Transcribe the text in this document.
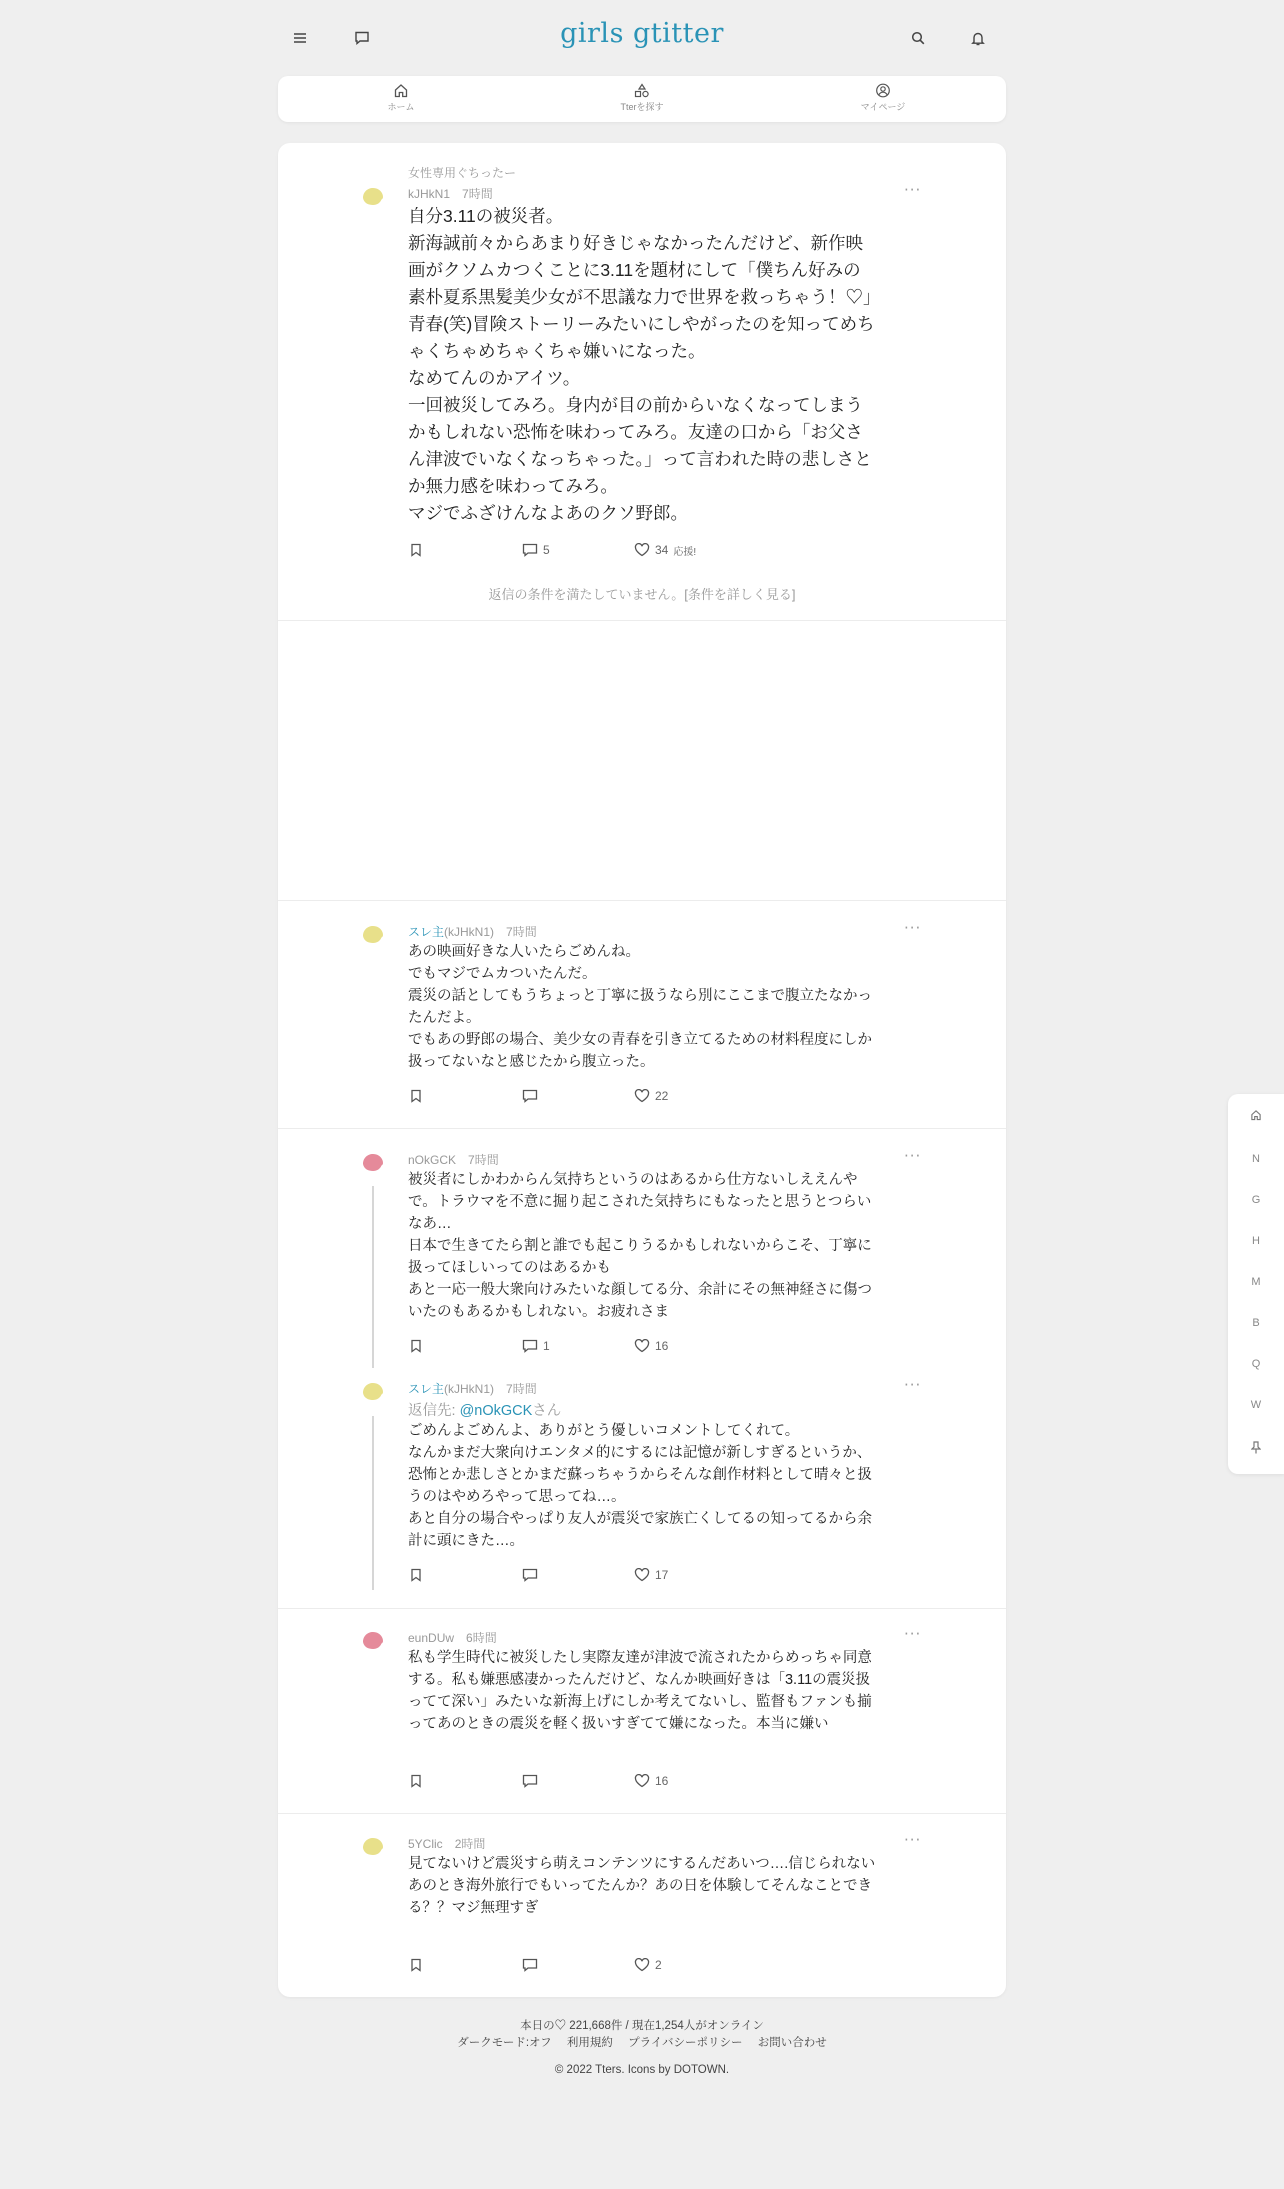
girls gtitter
ホーム	Tterを探す	マイページ
女性専用ぐちったー
kJHkN1 7時間	···
自分3.11の被災者。
新海誠前々からあまり好きじゃなかったんだけど、新作映画がクソムカつくことに3.11を題材にして「僕ちん好みの素朴夏系黒髪美少女が不思議な力で世界を救っちゃう！♡」青春(笑)冒険ストーリーみたいにしやがったのを知ってめちゃくちゃめちゃくちゃ嫌いになった。
なめてんのかアイツ。
一回被災してみろ。身内が目の前からいなくなってしまうかもしれない恐怖を味わってみろ。友達の口から「お父さん津波でいなくなっちゃった。」って言われた時の悲しさとか無力感を味わってみろ。
マジでふざけんなよあのクソ野郎。
5	34 応援!
返信の条件を満たしていません。[条件を詳しく見る]
スレ主(kJHkN1) 7時間	···
あの映画好きな人いたらごめんね。
でもマジでムカついたんだ。
震災の話としてもうちょっと丁寧に扱うなら別にここまで腹立たなかったんだよ。
でもあの野郎の場合、美少女の青春を引き立てるための材料程度にしか扱ってないなと感じたから腹立った。
22
nOkGCK 7時間	···
被災者にしかわからん気持ちというのはあるから仕方ないしええんやで。トラウマを不意に掘り起こされた気持ちにもなったと思うとつらいなあ…
日本で生きてたら割と誰でも起こりうるかもしれないからこそ、丁寧に扱ってほしいってのはあるかも
あと一応一般大衆向けみたいな顔してる分、余計にその無神経さに傷ついたのもあるかもしれない。お疲れさま
1	16
スレ主(kJHkN1) 7時間	···
返信先: @nOkGCKさん
ごめんよごめんよ、ありがとう優しいコメントしてくれて。
なんかまだ大衆向けエンタメ的にするには記憶が新しすぎるというか、恐怖とか悲しさとかまだ蘇っちゃうからそんな創作材料として晴々と扱うのはやめろやって思ってね…。
あと自分の場合やっぱり友人が震災で家族亡くしてるの知ってるから余計に頭にきた…。
17
eunDUw 6時間	···
私も学生時代に被災したし実際友達が津波で流されたからめっちゃ同意する。私も嫌悪感凄かったんだけど、なんか映画好きは「3.11の震災扱ってて深い」みたいな新海上げにしか考えてないし、監督もファンも揃ってあのときの震災を軽く扱いすぎてて嫌になった。本当に嫌い
16
5YClic 2時間	···
見てないけど震災すら萌えコンテンツにするんだあいつ….信じられない
あのとき海外旅行でもいってたんか？あの日を体験してそんなことできる？？マジ無理すぎ
2
N
G
H
M
B
Q
W
本日の♡ 221,668件 / 現在1,254人がオンライン
ダークモード:オフ 利用規約 プライバシーポリシー お問い合わせ
© 2022 Tters. Icons by DOTOWN.
